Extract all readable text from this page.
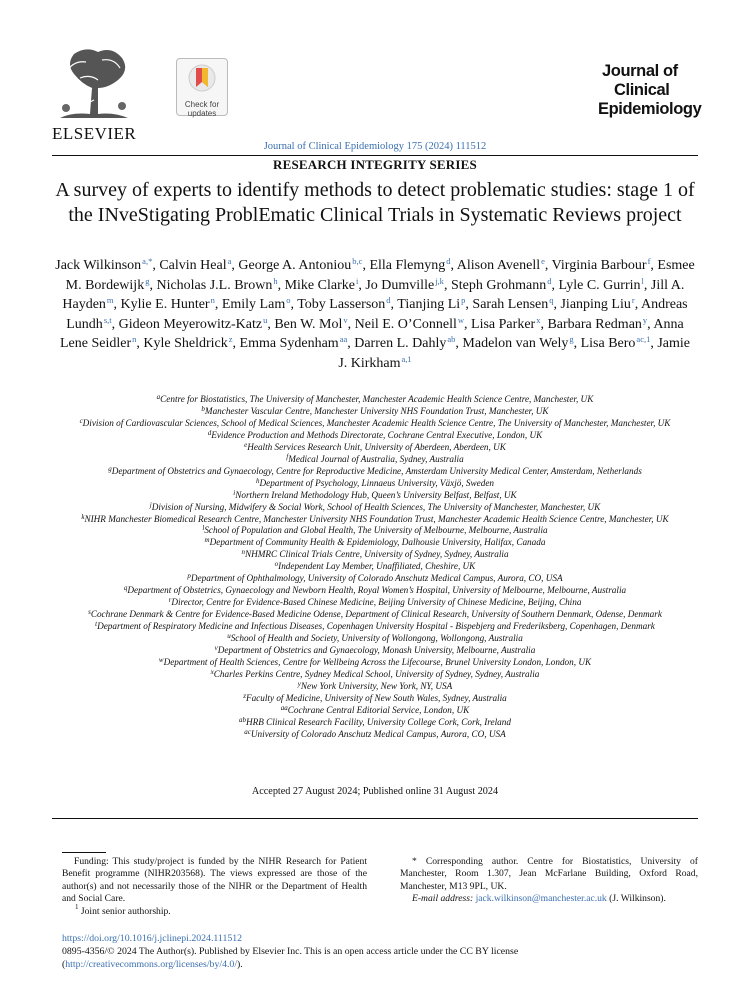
ELSEVIER
Check for updates
Journal of Clinical Epidemiology 175 (2024) 111512
Journal of
Clinical
Epidemiology
RESEARCH INTEGRITY SERIES
A survey of experts to identify methods to detect problematic studies: stage 1 of the INveStigating ProblEmatic Clinical Trials in Systematic Reviews project
Jack Wilkinson$^{a,*}$, Calvin Heal$^a$, George A. Antoniou$^{b,c}$, Ella Flemyng$^d$, Alison Avenell$^e$, Virginia Barbour$^f$, Esmee M. Bordewijk$^g$, Nicholas J.L. Brown$^h$, Mike Clarke$^i$, Jo Dumville$^{j,k}$, Steph Grohmann$^d$, Lyle C. Gurrin$^l$, Jill A. Hayden$^m$, Kylie E. Hunter$^n$, Emily Lam$^o$, Toby Lasserson$^d$, Tianjing Li$^p$, Sarah Lensen$^q$, Jianping Liu$^r$, Andreas Lundh$^{s,t}$, Gideon Meyerowitz-Katz$^u$, Ben W. Mol$^v$, Neil E. O’Connell$^w$, Lisa Parker$^x$, Barbara Redman$^y$, Anna Lene Seidler$^n$, Kyle Sheldrick$^z$, Emma Sydenham$^{aa}$, Darren L. Dahly$^{ab}$, Madelon van Wely$^g$, Lisa Bero$^{ac,1}$, Jamie J. Kirkham$^{a,1}$
$^a$Centre for Biostatistics, The University of Manchester, Manchester Academic Health Science Centre, Manchester, UK
$^b$Manchester Vascular Centre, Manchester University NHS Foundation Trust, Manchester, UK
$^c$Division of Cardiovascular Sciences, School of Medical Sciences, Manchester Academic Health Science Centre, The University of Manchester, Manchester, UK
$^d$Evidence Production and Methods Directorate, Cochrane Central Executive, London, UK
$^e$Health Services Research Unit, University of Aberdeen, Aberdeen, UK
$^f$Medical Journal of Australia, Sydney, Australia
$^g$Department of Obstetrics and Gynaecology, Centre for Reproductive Medicine, Amsterdam University Medical Center, Amsterdam, Netherlands
$^h$Department of Psychology, Linnaeus University, Växjö, Sweden
$^i$Northern Ireland Methodology Hub, Queen’s University Belfast, Belfast, UK
$^j$Division of Nursing, Midwifery & Social Work, School of Health Sciences, The University of Manchester, Manchester, UK
$^k$NIHR Manchester Biomedical Research Centre, Manchester University NHS Foundation Trust, Manchester Academic Health Science Centre, Manchester, UK
$^l$School of Population and Global Health, The University of Melbourne, Melbourne, Australia
$^m$Department of Community Health & Epidemiology, Dalhousie University, Halifax, Canada
$^n$NHMRC Clinical Trials Centre, University of Sydney, Sydney, Australia
$^o$Independent Lay Member, Unaffiliated, Cheshire, UK
$^p$Department of Ophthalmology, University of Colorado Anschutz Medical Campus, Aurora, CO, USA
$^q$Department of Obstetrics, Gynaecology and Newborn Health, Royal Women’s Hospital, University of Melbourne, Melbourne, Australia
$^r$Director, Centre for Evidence-Based Chinese Medicine, Beijing University of Chinese Medicine, Beijing, China
$^s$Cochrane Denmark & Centre for Evidence-Based Medicine Odense, Department of Clinical Research, University of Southern Denmark, Odense, Denmark
$^t$Department of Respiratory Medicine and Infectious Diseases, Copenhagen University Hospital - Bispebjerg and Frederiksberg, Copenhagen, Denmark
$^u$School of Health and Society, University of Wollongong, Wollongong, Australia
$^v$Department of Obstetrics and Gynaecology, Monash University, Melbourne, Australia
$^w$Department of Health Sciences, Centre for Wellbeing Across the Lifecourse, Brunel University London, London, UK
$^x$Charles Perkins Centre, Sydney Medical School, University of Sydney, Sydney, Australia
$^y$New York University, New York, NY, USA
$^z$Faculty of Medicine, University of New South Wales, Sydney, Australia
$^{aa}$Cochrane Central Editorial Service, London, UK
$^{ab}$HRB Clinical Research Facility, University College Cork, Cork, Ireland
$^{ac}$University of Colorado Anschutz Medical Campus, Aurora, CO, USA
Accepted 27 August 2024; Published online 31 August 2024

Funding: This study/project is funded by the NIHR Research for Patient Benefit programme (NIHR203568). The views expressed are those of the author(s) and not necessarily those of the NIHR or the Department of Health and Social Care.

$^1$ Joint senior authorship.

* Corresponding author. Centre for Biostatistics, University of Manchester, Room 1.307, Jean McFarlane Building, Oxford Road, Manchester, M13 9PL, UK.

E-mail address: jack.wilkinson@manchester.ac.uk (J. Wilkinson).

https://doi.org/10.1016/j.jclinepi.2024.111512
0895-4356/© 2024 The Author(s). Published by Elsevier Inc. This is an open access article under the CC BY license (http://creativecommons.org/licenses/by/4.0/).
